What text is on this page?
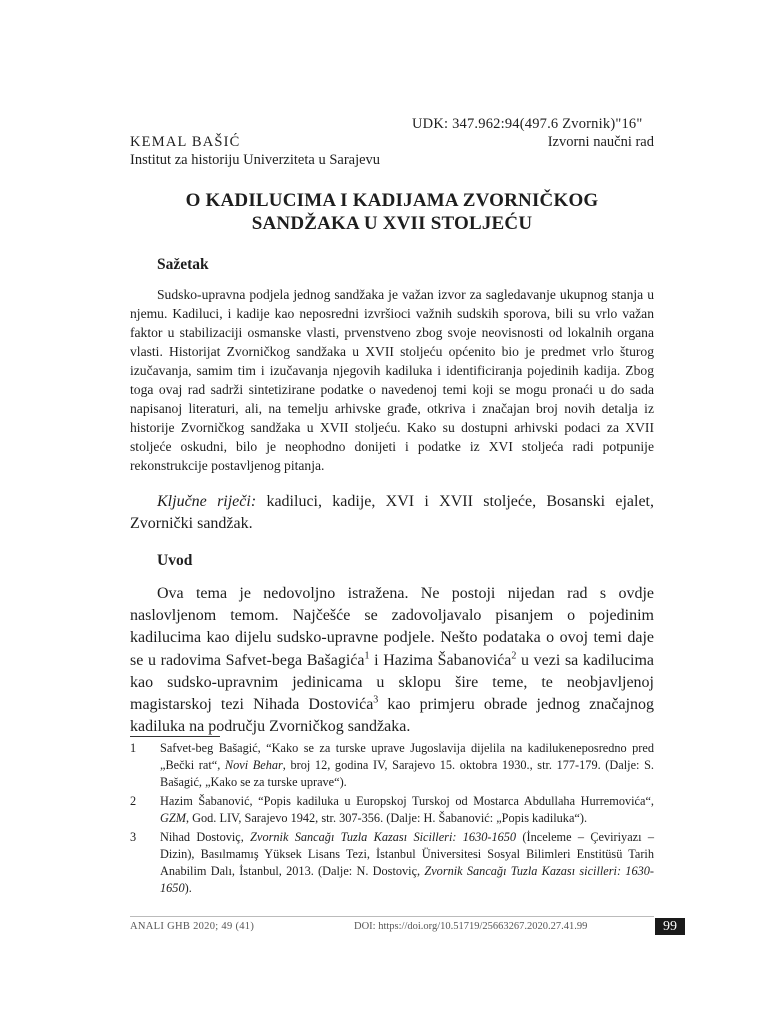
UDK: 347.962:94(497.6 Zvornik)"16"
KEMAL BAŠIĆ	Izvorni naučni rad
Institut za historiju Univerziteta u Sarajevu
O KADILUCIMA I KADIJAMA ZVORNIČKOG
SANDŽAKA U XVII STOLJEĆU
Sažetak
Sudsko-upravna podjela jednog sandžaka je važan izvor za sagledavanje ukupnog stanja u njemu. Kadiluci, i kadije kao neposredni izvršioci važnih sudskih sporova, bili su vrlo važan faktor u stabilizaciji osmanske vlasti, prvenstveno zbog svoje neovisnosti od lokalnih organa vlasti. Historijat Zvorničkog sandžaka u XVII stoljeću općenito bio je predmet vrlo šturog izučavanja, samim tim i izučavanja njegovih kadiluka i identificiranja pojedinih kadija. Zbog toga ovaj rad sadrži sintetizirane podatke o navedenoj temi koji se mogu pronaći u do sada napisanoj literaturi, ali, na temelju arhivske građe, otkriva i značajan broj novih detalja iz historije Zvorničkog sandžaka u XVII stoljeću. Kako su dostupni arhivski podaci za XVII stoljeće oskudni, bilo je neophodno donijeti i podatke iz XVI stoljeća radi potpunije rekonstrukcije postavljenog pitanja.
Ključne riječi: kadiluci, kadije, XVI i XVII stoljeće, Bosanski ejalet, Zvornički sandžak.
Uvod
Ova tema je nedovoljno istražena. Ne postoji nijedan rad s ovdje naslovljenom temom. Najčešće se zadovoljavalo pisanjem o pojedinim kadilucima kao dijelu sudsko-upravne podjele. Nešto podataka o ovoj temi daje se u radovima Safvet-bega Bašagića$^1$ i Hazima Šabanovića$^2$ u vezi sa kadilucima kao sudsko-upravnim jedinicama u sklopu šire teme, te neobjavljenoj magistarskoj tezi Nihada Dostovića$^3$ kao primjeru obrade jednog značajnog kadiluka na području Zvorničkog sandžaka.
1	Safvet-beg Bašagić, “Kako se za turske uprave Jugoslavija dijelila na kadilukeneposredno pred „Bečki rat“, Novi Behar, broj 12, godina IV, Sarajevo 15. oktobra 1930., str. 177-179. (Dalje: S. Bašagić, „Kako se za turske uprave“).
2	Hazim Šabanović, “Popis kadiluka u Europskoj Turskoj od Mostarca Abdullaha Hurremovića“, GZM, God. LIV, Sarajevo 1942, str. 307-356. (Dalje: H. Šabanović: „Popis kadiluka“).
3	Nihad Dostoviç, Zvornik Sancağı Tuzla Kazası Sicilleri: 1630-1650 (İnceleme – Çeviriyazı – Dizin), Basılmamış Yüksek Lisans Tezi, İstanbul Üniversitesi Sosyal Bilimleri Enstitüsü Tarih Anabilim Dalı, İstanbul, 2013. (Dalje: N. Dostoviç, Zvornik Sancağı Tuzla Kazası sicilleri: 1630-1650).
ANALI GHB 2020; 49 (41)	DOI: https://doi.org/10.51719/25663267.2020.27.41.99	99
